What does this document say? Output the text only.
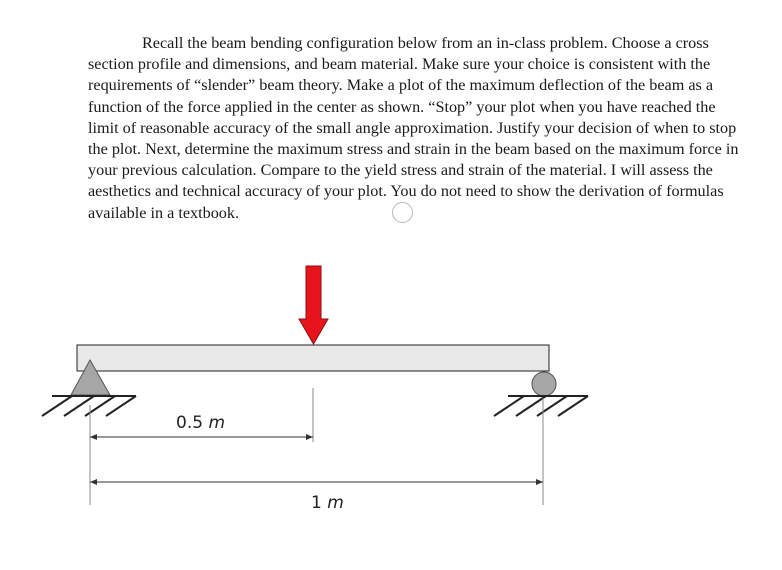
Recall the beam bending configuration below from an in-class problem. Choose a cross section profile and dimensions, and beam material. Make sure your choice is consistent with the requirements of “slender” beam theory. Make a plot of the maximum deflection of the beam as a function of the force applied in the center as shown. “Stop” your plot when you have reached the limit of reasonable accuracy of the small angle approximation. Justify your decision of when to stop the plot. Next, determine the maximum stress and strain in the beam based on the maximum force in your previous calculation. Compare to the yield stress and strain of the material. I will assess the aesthetics and technical accuracy of your plot. You do not need to show the derivation of formulas available in a textbook.

0.5 m
1 m
